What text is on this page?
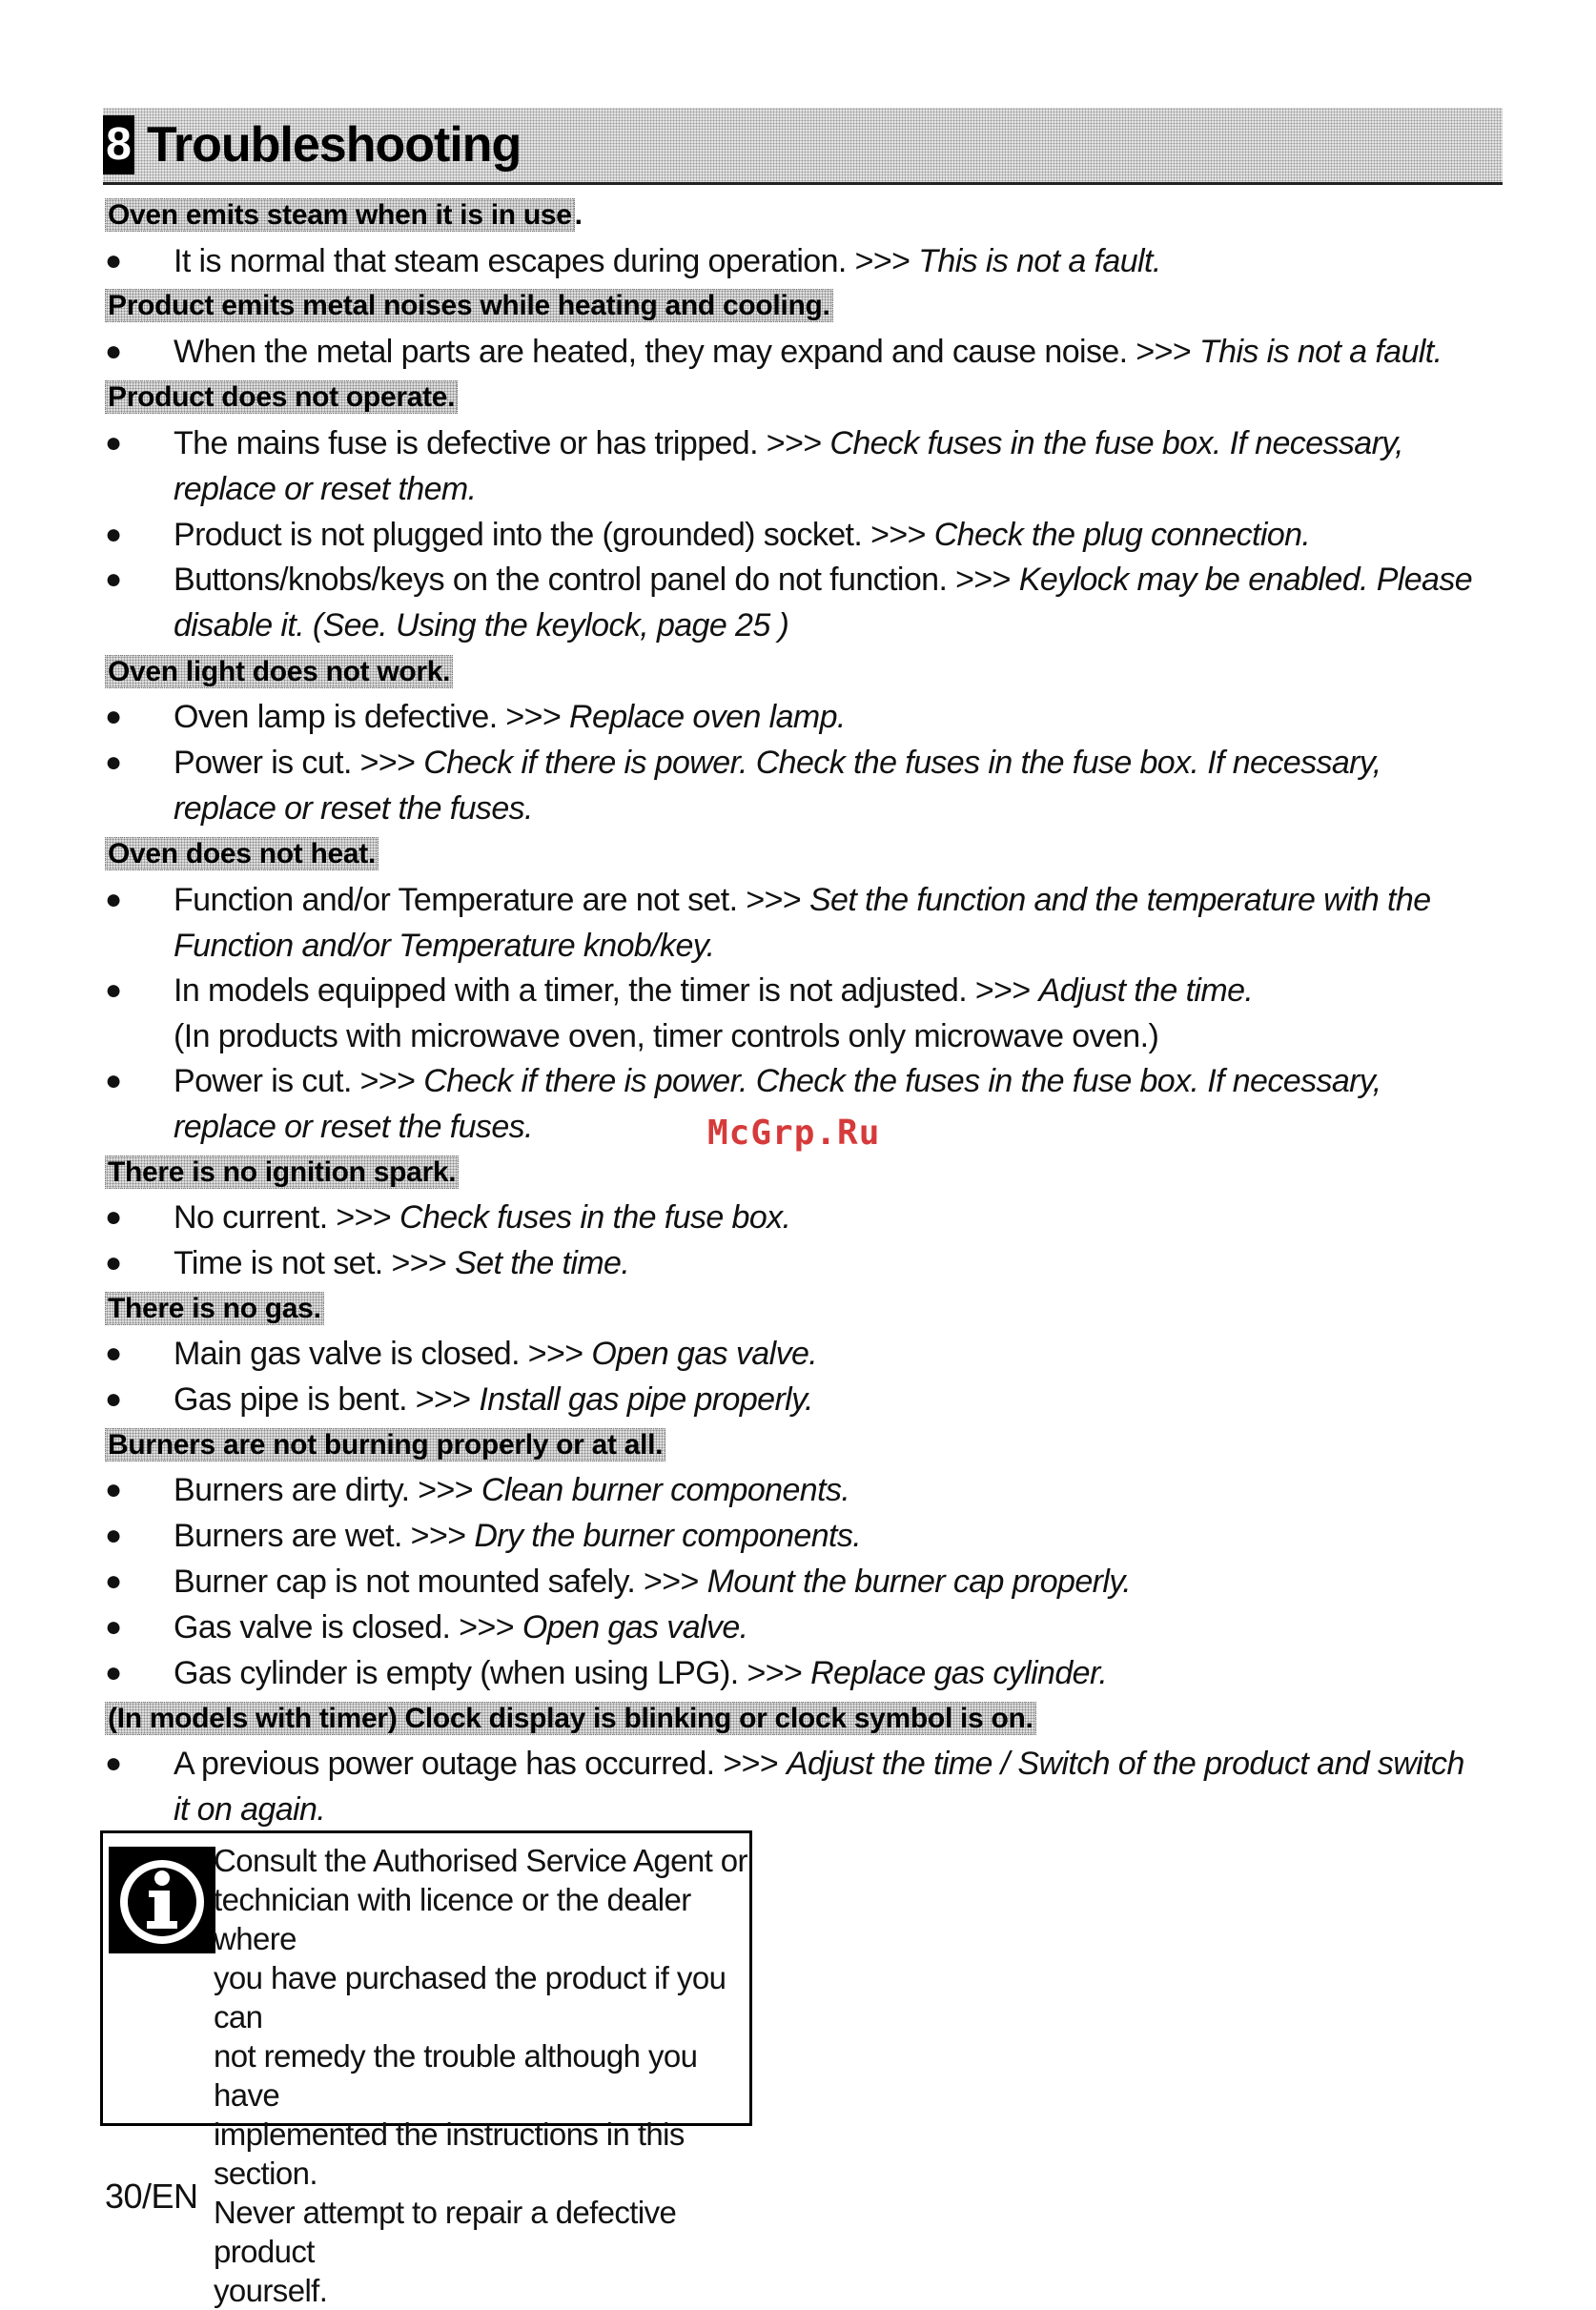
8 Troubleshooting
Oven emits steam when it is in use .
●	It is normal that steam escapes during operation. >>> This is not a fault.
Product emits metal noises while heating and cooling.
●	When the metal parts are heated, they may expand and cause noise. >>> This is not a fault.
Product does not operate.
●	The mains fuse is defective or has tripped. >>> Check fuses in the fuse box. If necessary, replace or reset them.
●	Product is not plugged into the (grounded) socket. >>> Check the plug connection.
●	Buttons/knobs/keys on the control panel do not function. >>> Keylock may be enabled. Please disable it. (See. Using the keylock, page 25 )
Oven light does not work.
●	Oven lamp is defective. >>> Replace oven lamp.
●	Power is cut. >>> Check if there is power. Check the fuses in the fuse box. If necessary, replace or reset the fuses.
Oven does not heat.
●	Function and/or Temperature are not set. >>> Set the function and the temperature with the Function and/or Temperature knob/key.
●	In models equipped with a timer, the timer is not adjusted. >>> Adjust the time.
(In products with microwave oven, timer controls only microwave oven.)
●	Power is cut. >>> Check if there is power. Check the fuses in the fuse box. If necessary, replace or reset the fuses.	McGrp.Ru
There is no ignition spark.
●	No current. >>> Check fuses in the fuse box.
●	Time is not set. >>> Set the time.
There is no gas.
●	Main gas valve is closed. >>> Open gas valve.
●	Gas pipe is bent. >>> Install gas pipe properly.
Burners are not burning properly or at all.
●	Burners are dirty. >>> Clean burner components.
●	Burners are wet. >>> Dry the burner components.
●	Burner cap is not mounted safely. >>> Mount the burner cap properly.
●	Gas valve is closed. >>> Open gas valve.
●	Gas cylinder is empty (when using LPG). >>> Replace gas cylinder.
(In models with timer) Clock display is blinking or clock symbol is on.
●	A previous power outage has occurred. >>> Adjust the time / Switch of the product and switch it on again.
Consult the Authorised Service Agent or
technician with licence or the dealer where
you have purchased the product if you can
not remedy the trouble although you have
implemented the instructions in this section.
Never attempt to repair a defective product
yourself.
30/EN
